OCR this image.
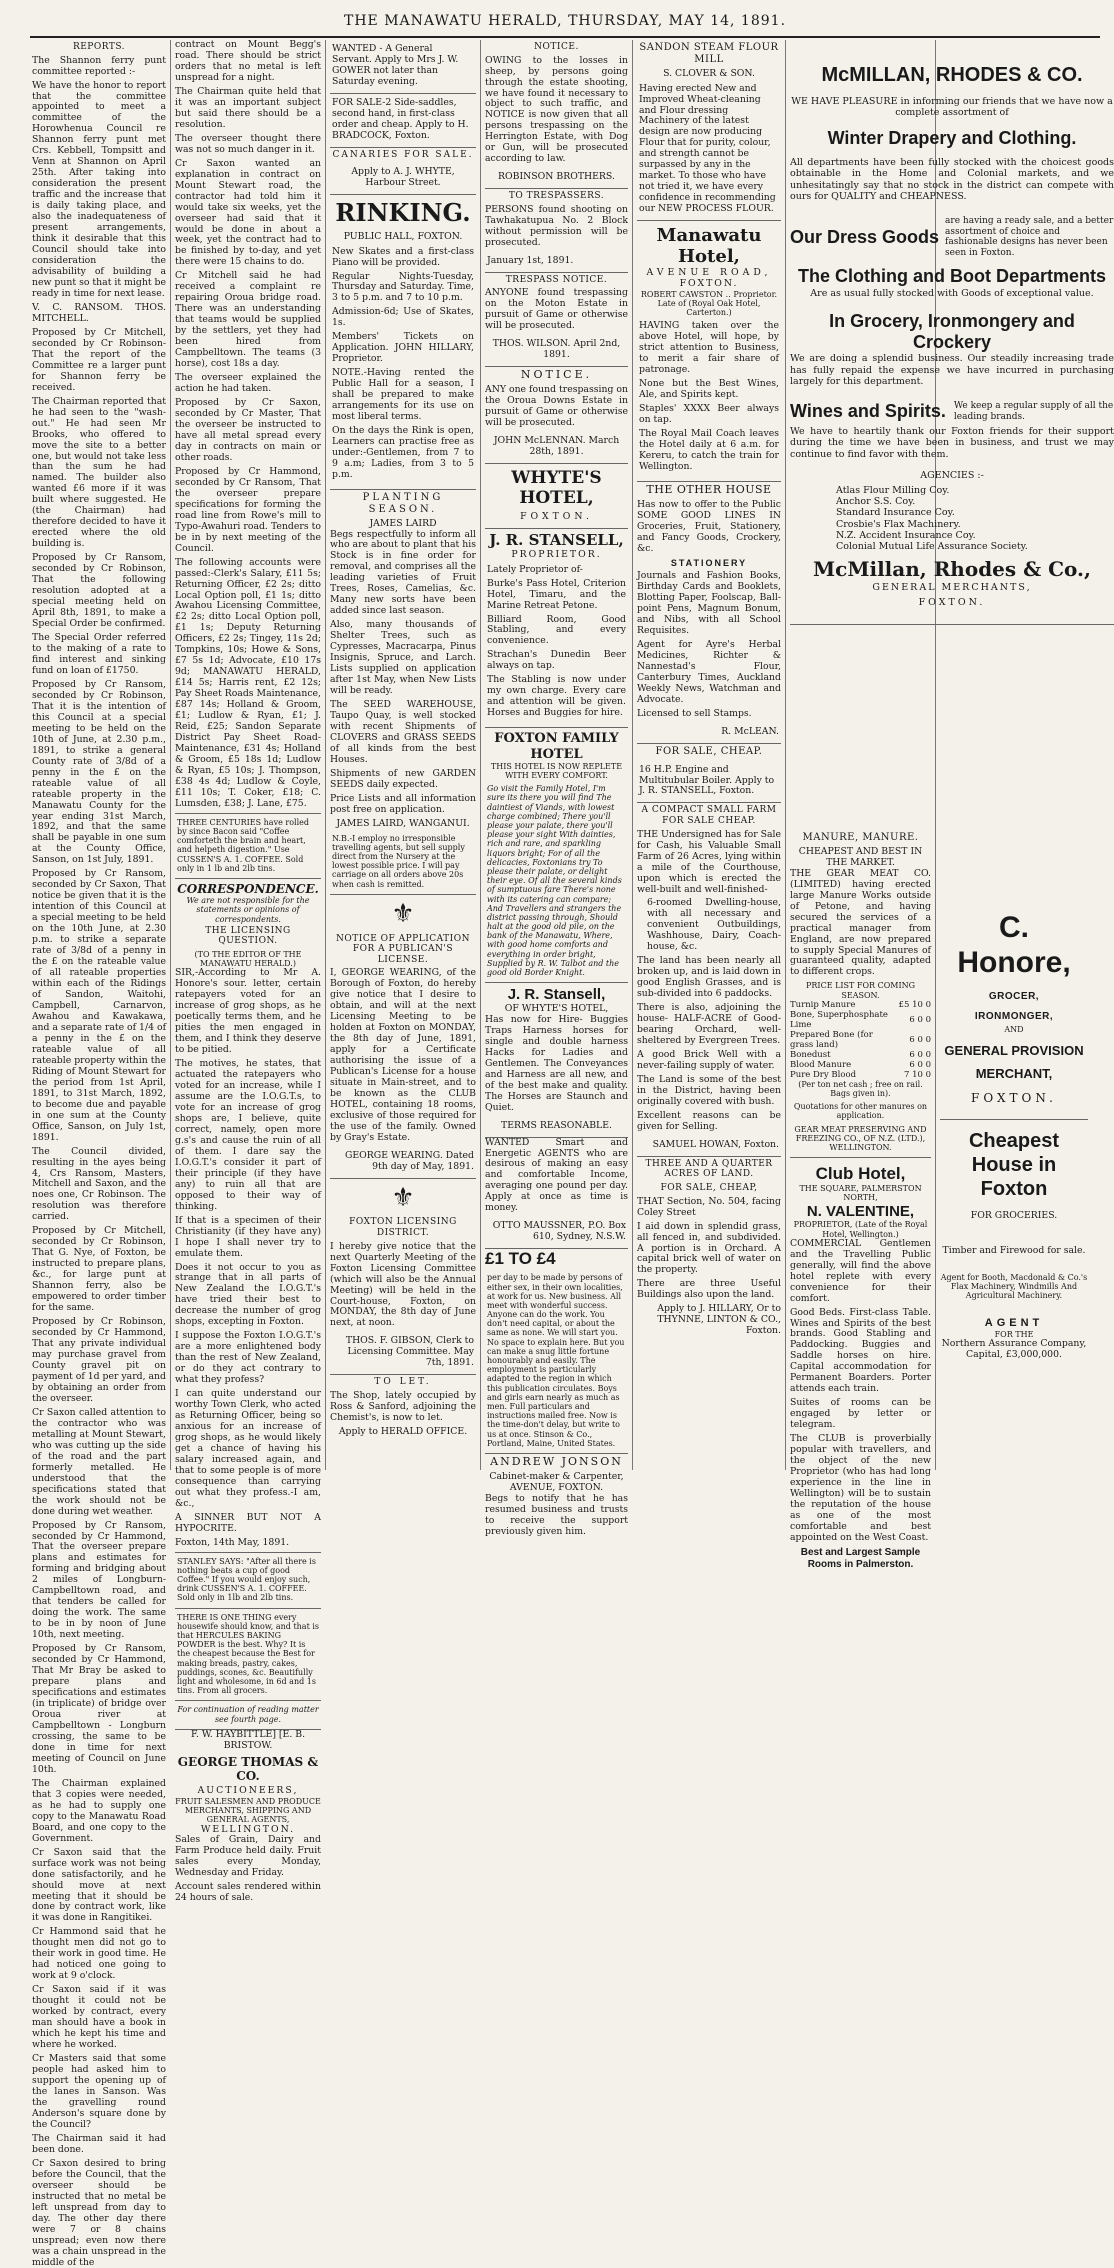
THE MANAWATU HERALD, THURSDAY, MAY 14, 1891.
REPORTS.

The Shannon ferry punt committee reported :-

We have the honor to report that the committee appointed to meet a committee of the Horowhenua Council re Shannon ferry punt met Crs. Kebbell, Tompsitt and Venn at Shannon on April 25th. After taking into consideration the present traffic and the increase that is daily taking place, and also the inadequateness of present arrangements, think it desirable that this Council should take into consideration the advisability of building a new punt so that it might be ready in time for next lease.

V. C. RANSOM. THOS. MITCHELL.

Proposed by Cr Mitchell, seconded by Cr Robinson-That the report of the Committee re a larger punt for Shannon ferry be received.

The Chairman reported that he had seen to the "wash-out." He had seen Mr Brooks, who offered to move the site to a better one, but would not take less than the sum he had named. The builder also wanted £6 more if it was built where suggested. He (the Chairman) had therefore decided to have it erected where the old building is.

Proposed by Cr Ransom, seconded by Cr Robinson, That the following resolution adopted at a special meeting held on April 8th, 1891, to make a Special Order be confirmed.

The Special Order referred to the making of a rate to find interest and sinking fund on loan of £1750.

Proposed by Cr Ransom, seconded by Cr Robinson, That it is the intention of this Council at a special meeting to be held on the 10th of June, at 2.30 p.m., 1891, to strike a general County rate of 3/8d of a penny in the £ on the rateable value of all rateable property in the Manawatu County for the year ending 31st March, 1892, and that the same shall be payable in one sum at the County Office, Sanson, on 1st July, 1891.

Proposed by Cr Ransom, seconded by Cr Saxon, That notice be given that it is the intention of this Council at a special meeting to be held on the 10th June, at 2.30 p.m. to strike a separate rate of 3/8d of a penny in the £ on the rateable value of all rateable properties within each of the Ridings of Sandon, Waitohi, Campbell, Carnarvon, Awahou and Kawakawa, and a separate rate of 1/4 of a penny in the £ on the rateable value of all rateable property within the Riding of Mount Stewart for the period from 1st April, 1891, to 31st March, 1892, to become due and payable in one sum at the County Office, Sanson, on July 1st, 1891.

The Council divided, resulting in the ayes being 4, Crs Ransom, Masters, Mitchell and Saxon, and the noes one, Cr Robinson. The resolution was therefore carried.

Proposed by Cr Mitchell, seconded by Cr Robinson, That G. Nye, of Foxton, be instructed to prepare plans, &c., for large punt at Shannon ferry, also be empowered to order timber for the same.

Proposed by Cr Robinson, seconded by Cr Hammond, That any private individual may purchase gravel from County gravel pit on payment of 1d per yard, and by obtaining an order from the overseer.

Cr Saxon called attention to the contractor who was metalling at Mount Stewart, who was cutting up the side of the road and the part formerly metalled. He understood that the specifications stated that the work should not be done during wet weather.

Proposed by Cr Ransom, seconded by Cr Hammond, That the overseer prepare plans and estimates for forming and bridging about 2 miles of Longburn-Campbelltown road, and that tenders be called for doing the work. The same to be in by noon of June 10th, next meeting.

Proposed by Cr Ransom, seconded by Cr Hammond, That Mr Bray be asked to prepare plans and specifications and estimates (in triplicate) of bridge over Oroua river at Campbelltown - Longburn crossing, the same to be done in time for next meeting of Council on June 10th.

The Chairman explained that 3 copies were needed, as he had to supply one copy to the Manawatu Road Board, and one copy to the Government.

Cr Saxon said that the surface work was not being done satisfactorily, and he should move at next meeting that it should be done by contract work, like it was done in Rangitikei.

Cr Hammond said that he thought men did not go to their work in good time. He had noticed one going to work at 9 o'clock.

Cr Saxon said if it was thought it could not be worked by contract, every man should have a book in which he kept his time and where he worked.

Cr Masters said that some people had asked him to support the opening up of the lanes in Sanson. Was the gravelling round Anderson's square done by the Council?

The Chairman said it had been done.

Cr Saxon desired to bring before the Council, that the overseer should be instructed that no metal be left unspread from day to day. The other day there were 7 or 8 chains unspread; even now there was a chain unspread in the middle of the

contract on Mount Begg's road. There should be strict orders that no metal is left unspread for a night.

The Chairman quite held that it was an important subject but said there should be a resolution.

The overseer thought there was not so much danger in it.

Cr Saxon wanted an explanation in contract on Mount Stewart road, the contractor had told him it would take six weeks, yet the overseer had said that it would be done in about a week, yet the contract had to be finished by to-day, and yet there were 15 chains to do.

Cr Mitchell said he had received a complaint re repairing Oroua bridge road. There was an understanding that teams would be supplied by the settlers, yet they had been hired from Campbelltown. The teams (3 horse), cost 18s a day.

The overseer explained the action he had taken.

Proposed by Cr Saxon, seconded by Cr Master, That the overseer be instructed to have all metal spread every day in contracts on main or other roads.

Proposed by Cr Hammond, seconded by Cr Ransom, That the overseer prepare specifications for forming the road line from Rowe's mill to Typo-Awahuri road. Tenders to be in by next meeting of the Council.

The following accounts were passed:-Clerk's Salary, £11 5s; Returning Officer, £2 2s; ditto Local Option poll, £1 1s; ditto Awahou Licensing Committee, £2 2s; ditto Local Option poll, £1 1s; Deputy Returning Officers, £2 2s; Tingey, 11s 2d; Tompkins, 10s; Howe & Sons, £7 5s 1d; Advocate, £10 17s 9d; MANAWATU HERALD, £14 5s; Harris rent, £2 12s; Pay Sheet Roads Maintenance, £87 14s; Holland & Groom, £1; Ludlow & Ryan, £1; J. Reid, £25; Sandon Separate District Pay Sheet Road-Maintenance, £31 4s; Holland & Groom, £5 18s 1d; Ludlow & Ryan, £5 10s; J. Thompson, £38 4s 4d; Ludlow & Coyle, £11 10s; T. Coker, £18; C. Lumsden, £38; J. Lane, £75.

THREE CENTURIES have rolled by since Bacon said "Coffee comforteth the brain and heart, and helpeth digestion." Use CUSSEN'S A. 1. COFFEE. Sold only in 1 lb and 2lb tins.
CORRESPONDENCE.
We are not responsible for the statements or opinions of correspondents.
THE LICENSING QUESTION.
(TO THE EDITOR OF THE MANAWATU HERALD.)

SIR,-According to Mr A. Honore's sour. letter, certain ratepayers voted for an increase of grog shops, as he poetically terms them, and he pities the men engaged in them, and I think they deserve to be pitied.

The motives, he states, that actuated the ratepayers who voted for an increase, while I assume are the I.O.G.T.s, to vote for an increase of grog shops are, I believe, quite correct, namely, open more g.s's and cause the ruin of all of them. I dare say the I.O.G.T.'s consider it part of their principle (if they have any) to ruin all that are opposed to their way of thinking.

If that is a specimen of their Christianity (if they have any) I hope I shall never try to emulate them.

Does it not occur to you as strange that in all parts of New Zealand the I.O.G.T.'s have tried their best to decrease the number of grog shops, excepting in Foxton.

I suppose the Foxton I.O.G.T.'s are a more enlightened body than the rest of New Zealand, or do they act contrary to what they profess?

I can quite understand our worthy Town Clerk, who acted as Returning Officer, being so anxious for an increase of grog shops, as he would likely get a chance of having his salary increased again, and that to some people is of more consequence than carrying out what they profess.-I am, &c.,

A SINNER BUT NOT A HYPOCRITE.

Foxton, 14th May, 1891.

STANLEY SAYS: "After all there is nothing beats a cup of good Coffee." If you would enjoy such, drink CUSSEN'S A. 1. COFFEE. Sold only in 1lb and 2lb tins.
THERE IS ONE THING every housewife should know, and that is that HERCULES BAKING POWDER is the best. Why? It is the cheapest because the Best for making breads, pastry, cakes, puddings, scones, &c. Beautifully light and wholesome, in 6d and 1s tins. From all grocers.
For continuation of reading matter see fourth page.
F. W. HAYBITTLE] [E. B. BRISTOW.
GEORGE THOMAS & CO.
AUCTIONEERS,
FRUIT SALESMEN AND PRODUCE MERCHANTS, SHIPPING AND GENERAL AGENTS,
WELLINGTON.

Sales of Grain, Dairy and Farm Produce held daily. Fruit sales every Monday, Wednesday and Friday.

Account sales rendered within 24 hours of sale.

WANTED - A General Servant. Apply to Mrs J. W. GOWER not later than Saturday evening.
FOR SALE-2 Side-saddles, second hand, in first-class order and cheap. Apply to H. BRADCOCK, Foxton.
CANARIES FOR SALE.
Apply to A. J. WHYTE, Harbour Street.
RINKING.
PUBLIC HALL, FOXTON.

New Skates and a first-class Piano will be provided.

Regular Nights-Tuesday, Thursday and Saturday. Time, 3 to 5 p.m. and 7 to 10 p.m.

Admission-6d; Use of Skates, 1s.

Members' Tickets on Application. JOHN HILLARY, Proprietor.

NOTE.-Having rented the Public Hall for a season, I shall be prepared to make arrangements for its use on most liberal terms.

On the days the Rink is open, Learners can practise free as under:-Gentlemen, from 7 to 9 a.m; Ladies, from 3 to 5 p.m.

PLANTING SEASON.
JAMES LAIRD

Begs respectfully to inform all who are about to plant that his Stock is in fine order for removal, and comprises all the leading varieties of Fruit Trees, Roses, Camelias, &c. Many new sorts have been added since last season.

Also, many thousands of Shelter Trees, such as Cypresses, Macracarpa, Pinus Insignis, Spruce, and Larch. Lists supplied on application after 1st May, when New Lists will be ready.

The SEED WAREHOUSE, Taupo Quay, is well stocked with recent Shipments of CLOVERS and GRASS SEEDS of all kinds from the best Houses.

Shipments of new GARDEN SEEDS daily expected.

Price Lists and all information post free on application.

JAMES LAIRD, WANGANUI.
N.B.-I employ no irresponsible travelling agents, but sell supply direct from the Nursery at the lowest possible price. I will pay carriage on all orders above 20s when cash is remitted.
⚜
NOTICE OF APPLICATION FOR A PUBLICAN'S LICENSE.

I, GEORGE WEARING, of the Borough of Foxton, do hereby give notice that I desire to obtain, and will at the next Licensing Meeting to be holden at Foxton on MONDAY, the 8th day of June, 1891, apply for a Certificate authorising the issue of a Publican's License for a house situate in Main-street, and to be known as the CLUB HOTEL, containing 18 rooms, exclusive of those required for the use of the family. Owned by Gray's Estate.

GEORGE WEARING. Dated 9th day of May, 1891.
⚜
FOXTON LICENSING DISTRICT.

I hereby give notice that the next Quarterly Meeting of the Foxton Licensing Committee (which will also be the Annual Meeting) will be held in the Court-house, Foxton, on MONDAY, the 8th day of June next, at noon.

THOS. F. GIBSON, Clerk to Licensing Committee. May 7th, 1891.
TO LET.

The Shop, lately occupied by Ross & Sanford, adjoining the Chemist's, is now to let.

Apply to HERALD OFFICE.
NOTICE.

OWING to the losses in sheep, by persons going through the estate shooting, we have found it necessary to object to such traffic, and NOTICE is now given that all persons trespassing on the Herrington Estate, with Dog or Gun, will be prosecuted according to law.

ROBINSON BROTHERS.
TO TRESPASSERS.

PERSONS found shooting on Tawhakatupua No. 2 Block without permission will be prosecuted.

January 1st, 1891.
TRESPASS NOTICE.

ANYONE found trespassing on the Moton Estate in pursuit of Game or otherwise will be prosecuted.

THOS. WILSON. April 2nd, 1891.
NOTICE.

ANY one found trespassing on the Oroua Downs Estate in pursuit of Game or otherwise will be prosecuted.

JOHN McLENNAN. March 28th, 1891.
WHYTE'S HOTEL,
FOXTON.
J. R. STANSELL,
PROPRIETOR.

Lately Proprietor of-

Burke's Pass Hotel, Criterion Hotel, Timaru, and the Marine Retreat Petone.

Billiard Room, Good Stabling, and every convenience.

Strachan's Dunedin Beer always on tap.

The Stabling is now under my own charge. Every care and attention will be given. Horses and Buggies for hire.

FOXTON FAMILY HOTEL
THIS HOTEL IS NOW REPLETE WITH EVERY COMFORT.
Go visit the Family Hotel, I'm sure its there you will find The daintiest of Viands, with lowest charge combined; There you'll please your palate, there you'll please your sight With dainties, rich and rare, and sparkling liquors bright; For of all the delicacies, Foxtonians try To please their palate, or delight their eye. Of all the several kinds of sumptuous fare There's none with its catering can compare; And Travellers and strangers the district passing through, Should halt at the good old pile, on the bank of the Manawatu, Where, with good home comforts and everything in order bright, Supplied by R. W. Talbot and the good old Border Knight.
J. R. Stansell,
OF WHYTE'S HOTEL,

Has now for Hire- Buggies Traps Harness horses for single and double harness Hacks for Ladies and Gentlemen. The Conveyances and Harness are all new, and of the best make and quality. The Horses are Staunch and Quiet.

TERMS REASONABLE.

WANTED Smart and Energetic AGENTS who are desirous of making an easy and comfortable Income, averaging one pound per day. Apply at once as time is money.

OTTO MAUSSNER, P.O. Box 610, Sydney, N.S.W.
£1 TO £4
per day to be made by persons of either sex, in their own localities, at work for us. New business. All meet with wonderful success. Anyone can do the work. You don't need capital, or about the same as none. We will start you. No space to explain here. But you can make a snug little fortune honourably and easily. The employment is particularly adapted to the region in which this publication circulates. Boys and girls earn nearly as much as men. Full particulars and instructions mailed free. Now is the time-don't delay, but write to us at once. Stinson & Co., Portland, Maine, United States.
ANDREW JONSON
Cabinet-maker & Carpenter, AVENUE, FOXTON.

Begs to notify that he has resumed business and trusts to receive the support previously given him.

SANDON STEAM FLOUR MILL
S. CLOVER & SON.
Having erected New and Improved Wheat-cleaning and Flour dressing Machinery of the latest design are now producing Flour that for purity, colour, and strength cannot be surpassed by any in the market. To those who have not tried it, we have every confidence in recommending our NEW PROCESS FLOUR.
Manawatu Hotel,
AVENUE ROAD,
FOXTON.
ROBERT CAWSTON .. Proprietor. Late of (Royal Oak Hotel, Carterton.)

HAVING taken over the above Hotel, will hope, by strict attention to Business, to merit a fair share of patronage.

None but the Best Wines, Ale, and Spirits kept.

Staples' XXXX Beer always on tap.

The Royal Mail Coach leaves the Hotel daily at 6 a.m. for Kereru, to catch the train for Wellington.

THE OTHER HOUSE

Has now to offer to the Public SOME GOOD LINES IN Groceries, Fruit, Stationery, and Fancy Goods, Crockery, &c.

STATIONERY

Journals and Fashion Books, Birthday Cards and Booklets, Blotting Paper, Foolscap, Ball-point Pens, Magnum Bonum, and Nibs, with all School Requisites.

Agent for Ayre's Herbal Medicines, Richter & Nannestad's Flour, Canterbury Times, Auckland Weekly News, Watchman and Advocate.

Licensed to sell Stamps.

R. McLEAN.
FOR SALE, CHEAP.
16 H.P. Engine and Multitubular Boiler. Apply to J. R. STANSELL, Foxton.
A COMPACT SMALL FARM FOR SALE CHEAP.

THE Undersigned has for Sale for Cash, his Valuable Small Farm of 26 Acres, lying within a mile of the Courthouse, upon which is erected the well-built and well-finished-

6-roomed Dwelling-house, with all necessary and convenient Outbuildings, Washhouse, Dairy, Coach-house, &c.

The land has been nearly all broken up, and is laid down in good English Grasses, and is sub-divided into 6 paddocks.

There is also, adjoining the house- HALF-ACRE of Good-bearing Orchard, well-sheltered by Evergreen Trees.

A good Brick Well with a never-failing supply of water.

The Land is some of the best in the District, having been originally covered with bush.

Excellent reasons can be given for Selling.

SAMUEL HOWAN, Foxton.
THREE AND A QUARTER ACRES OF LAND.
FOR SALE, CHEAP,

THAT Section, No. 504, facing Coley Street

I aid down in splendid grass, all fenced in, and subdivided. A portion is in Orchard. A capital brick well of water on the property.

There are three Useful Buildings also upon the land.

Apply to J. HILLARY, Or to THYNNE, LINTON & CO., Foxton.
McMILLAN, RHODES & CO.
WE HAVE PLEASURE in informing our friends that we have now a complete assortment of
Winter Drapery and Clothing.

All departments have been fully stocked with the choicest goods obtainable in the Home and Colonial markets, and we unhesitatingly say that no stock in the district can compete with ours for QUALITY and CHEAPNESS.

Our Dress Goods
are having a ready sale, and a better assortment of choice and fashionable designs has never been seen in Foxton.
The Clothing and Boot Departments
Are as usual fully stocked with Goods of exceptional value.
In Grocery, Ironmongery and Crockery

We are doing a splendid business. Our steadily increasing trade has fully repaid the expense we have incurred in purchasing largely for this department.

Wines and Spirits. We keep a regular supply of all the leading brands.

We have to heartily thank our Foxton friends for their support during the time we have been in business, and trust we may continue to find favor with them.

AGENCIES :-
Atlas Flour Milling Coy.
Anchor S.S. Coy.
Standard Insurance Coy.
Crosbie's Flax Machinery.
N.Z. Accident Insurance Coy.
Colonial Mutual Life Assurance Society.
McMillan, Rhodes & Co.,
GENERAL MERCHANTS,
FOXTON.
MANURE, MANURE.
CHEAPEST AND BEST IN THE MARKET.

THE GEAR MEAT CO. (LIMITED) having erected large Manure Works outside of Petone, and having secured the services of a practical manager from England, are now prepared to supply Special Manures of guaranteed quality, adapted to different crops.

PRICE LIST FOR COMING SEASON.
Turnip Manure	£5 10 0
Bone, Superphosphate Lime	6 0 0
Prepared Bone (for grass land)	6 0 0
Bonedust	6 0 0
Blood Manure	6 0 0
Pure Dry Blood	7 10 0
(Per ton net cash ; free on rail. Bags given in).
Quotations for other manures on application.
GEAR MEAT PRESERVING AND FREEZING CO., OF N.Z. (LTD.), WELLINGTON.
Club Hotel,
THE SQUARE, PALMERSTON NORTH,
N. VALENTINE,
PROPRIETOR, (Late of the Royal Hotel, Wellington.)

COMMERCIAL Gentlemen and the Travelling Public generally, will find the above hotel replete with every convenience for their comfort.

Good Beds. First-class Table. Wines and Spirits of the best brands. Good Stabling and Paddocking. Buggies and Saddle horses on hire. Capital accommodation for Permanent Boarders. Porter attends each train.

Suites of rooms can be engaged by letter or telegram.

The CLUB is proverbially popular with travellers, and the object of the new Proprietor (who has had long experience in the line in Wellington) will be to sustain the reputation of the house as one of the most comfortable and best appointed on the West Coast.

Best and Largest Sample Rooms in Palmerston.
C. Honore,
GROCER,
IRONMONGER,
AND
GENERAL PROVISION
MERCHANT,
FOXTON.
Cheapest House in Foxton
FOR GROCERIES.
Timber and Firewood for sale.
Agent for Booth, Macdonald & Co.'s
Flax Machinery, Windmills And Agricultural Machinery.
AGENT
FOR THE
Northern Assurance Company,
Capital, £3,000,000.
